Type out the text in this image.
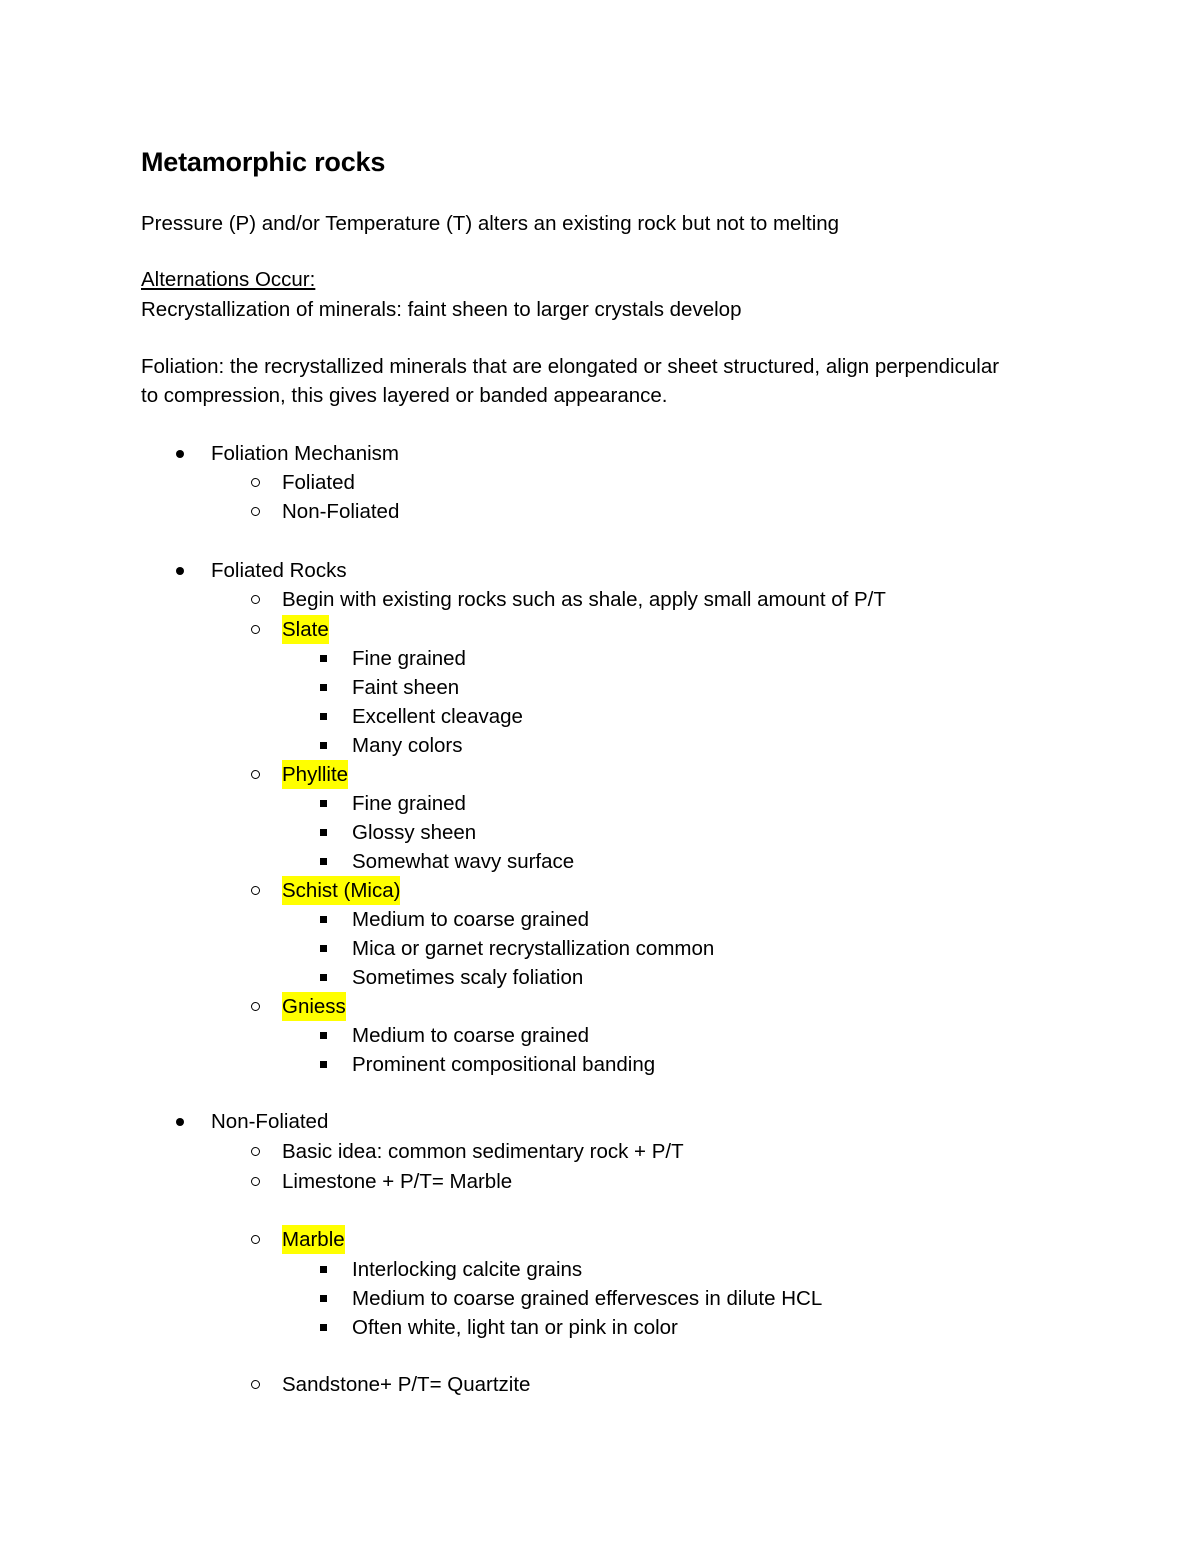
Metamorphic rocks
Pressure (P) and/or Temperature (T) alters an existing rock but not to melting
Alternations Occur:
Recrystallization of minerals: faint sheen to larger crystals develop
Foliation: the recrystallized minerals that are elongated or sheet structured, align perpendicular
to compression, this gives layered or banded appearance.
Foliation Mechanism
Foliated
Non-Foliated
Foliated Rocks
Begin with existing rocks such as shale, apply small amount of P/T
Slate
Fine grained
Faint sheen
Excellent cleavage
Many colors
Phyllite
Fine grained
Glossy sheen
Somewhat wavy surface
Schist (Mica)
Medium to coarse grained
Mica or garnet recrystallization common
Sometimes scaly foliation
Gniess
Medium to coarse grained
Prominent compositional banding
Non-Foliated
Basic idea: common sedimentary rock + P/T
Limestone + P/T= Marble
Marble
Interlocking calcite grains
Medium to coarse grained effervesces in dilute HCL
Often white, light tan or pink in color
Sandstone+ P/T= Quartzite
